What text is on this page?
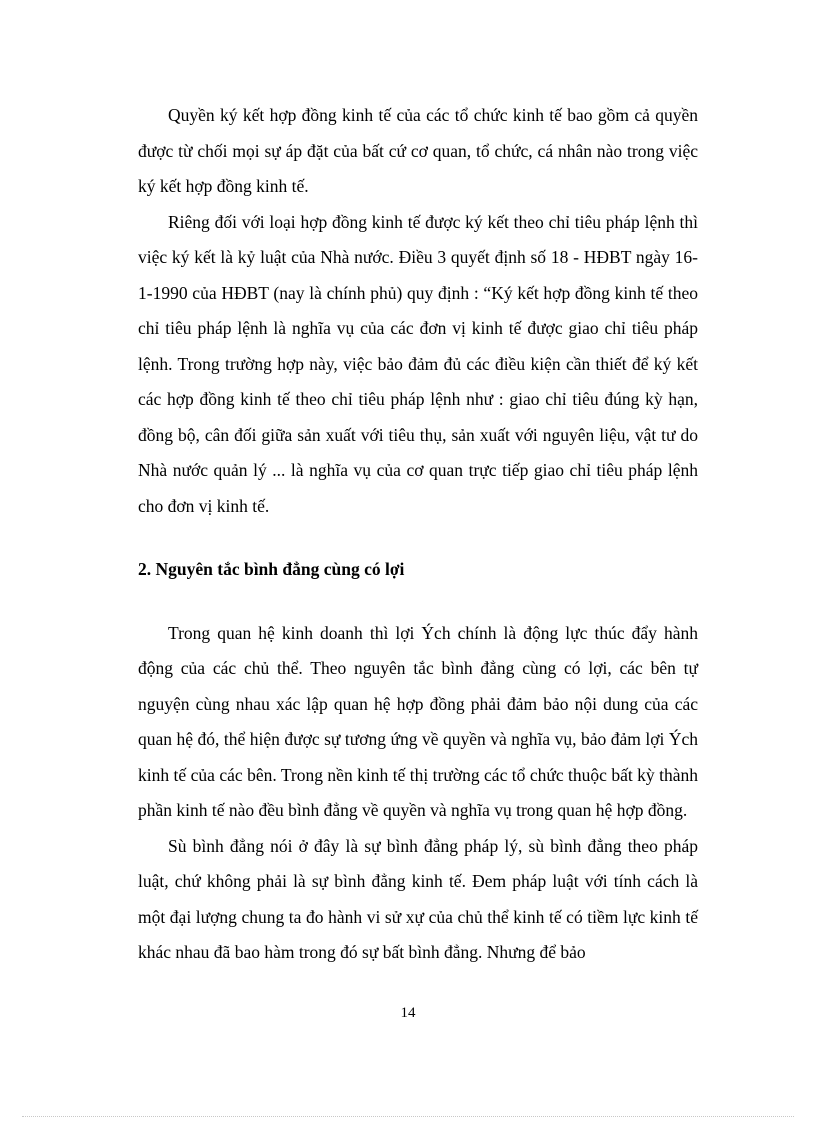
Quyền ký kết hợp đồng kinh tế của các tổ chức kinh tế bao gồm cả quyền được từ chối mọi sự áp đặt của bất cứ cơ quan, tổ chức, cá nhân nào trong việc ký kết hợp đồng kinh tế.

Riêng đối với loại hợp đồng kinh tế được ký kết theo chỉ tiêu pháp lệnh thì việc ký kết là kỷ luật của Nhà nước. Điều 3 quyết định số 18 - HĐBT ngày 16-1-1990 của HĐBT (nay là chính phủ) quy định : “Ký kết hợp đồng kinh tế theo chỉ tiêu pháp lệnh là nghĩa vụ của các đơn vị kinh tế được giao chỉ tiêu pháp lệnh. Trong trường hợp này, việc bảo đảm đủ các điều kiện cần thiết để ký kết các hợp đồng kinh tế theo chỉ tiêu pháp lệnh như : giao chỉ tiêu đúng kỳ hạn, đồng bộ, cân đối giữa sản xuất với tiêu thụ, sản xuất với nguyên liệu, vật tư do Nhà nước quản lý ... là nghĩa vụ của cơ quan trực tiếp giao chỉ tiêu pháp lệnh cho đơn vị kinh tế.

2. Nguyên tắc bình đẳng cùng có lợi

Trong quan hệ kinh doanh thì lợi Ých chính là động lực thúc đẩy hành động của các chủ thể. Theo nguyên tắc bình đẳng cùng có lợi, các bên tự nguyện cùng nhau xác lập quan hệ hợp đồng phải đảm bảo nội dung của các quan hệ đó, thể hiện được sự tương ứng về quyền và nghĩa vụ, bảo đảm lợi Ých kinh tế của các bên. Trong nền kinh tế thị trường các tổ chức thuộc bất kỳ thành phần kinh tế nào đều bình đẳng về quyền và nghĩa vụ trong quan hệ hợp đồng.

Sù bình đẳng nói ở đây là sự bình đẳng pháp lý, sù bình đẳng theo pháp luật, chứ không phải là sự bình đẳng kinh tế. Đem pháp luật với tính cách là một đại lượng chung ta đo hành vi sử xự của chủ thể kinh tế có tiềm lực kinh tế khác nhau đã bao hàm trong đó sự bất bình đẳng. Nhưng để bảo

14
